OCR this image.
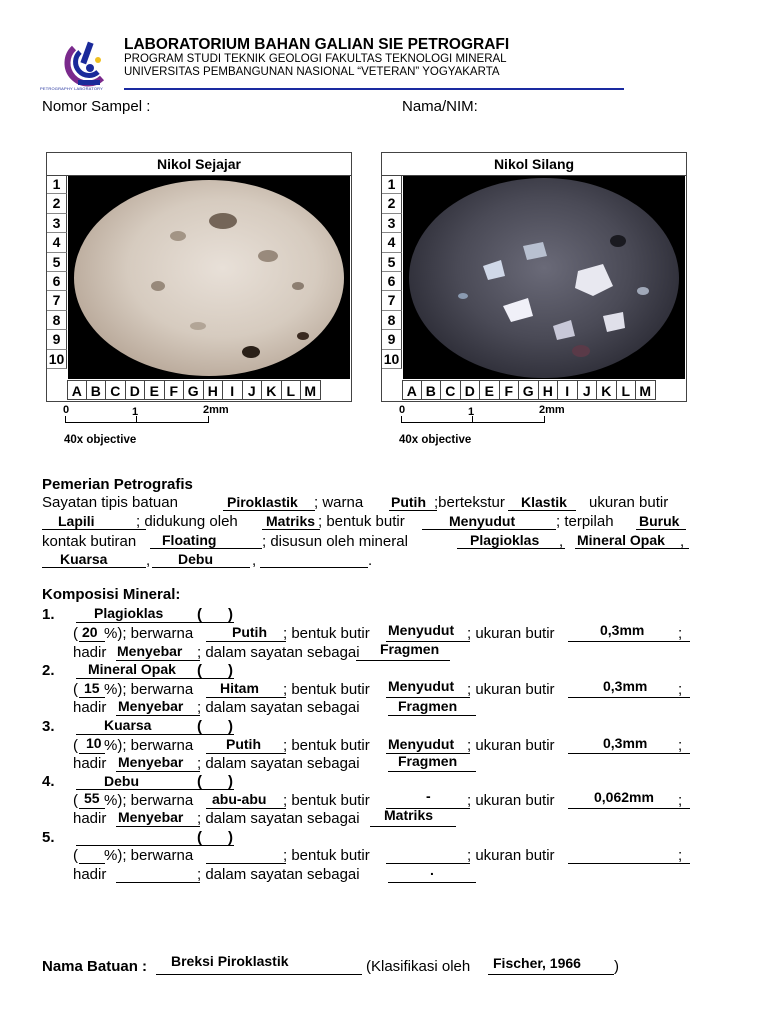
PETROGRAPHY LABORATORY
LABORATORIUM BAHAN GALIAN SIE PETROGRAFI
PROGRAM STUDI TEKNIK GEOLOGI FAKULTAS TEKNOLOGI MINERAL
UNIVERSITAS PEMBANGUNAN NASIONAL “VETERAN” YOGYAKARTA
Nomor Sampel :	Nama/NIM:
Nikol Sejajar
1
2
3
4
5
6
7
8
9
10
A B C D E F G H I J K L M
0	1	2mm
40x objective
Nikol Silang
1
2
3
4
5
6
7
8
9
10
A B C D E F G H I J K L M
0	1	2mm
40x objective
Pemerian Petrografis
Sayatan tipis batuan	Piroklastik ; warna Putih ;bertekstur Klastik ukuran butir
Lapili	; didukung oleh Matriks ; bentuk butir	Menyudut	; terpilah Buruk
kontak butiran Floating	; disusun oleh mineral	Plagioklas , Mineral Opak ,
Kuarsa	, Debu	,	.
Komposisi Mineral:
1.	Plagioklas ( )
( 20 %); berwarna	Putih ; bentuk butir Menyudut ; ukuran butir	0,3mm ;
hadir Menyebar ; dalam sayatan sebagai Fragmen
2. Mineral Opak ( )
( 15 %); berwarna Hitam ; bentuk butir Menyudut ; ukuran butir	0,3mm ;
hadir Menyebar ; dalam sayatan sebagai	Fragmen
3.	Kuarsa	( )
( 10 %); berwarna Putih ; bentuk butir Menyudut ; ukuran butir	0,3mm ;
hadir Menyebar ; dalam sayatan sebagai	Fragmen
4.	Debu	( )
( 55 %); berwarna abu-abu ; bentuk butir	- ; ukuran butir	0,062mm ;
hadir Menyebar ; dalam sayatan sebagai Matriks
5.	( )
( %); berwarna	; bentuk butir	; ukuran butir	;
hadir	; dalam sayatan sebagai	.
Nama Batuan : Breksi Piroklastik	(Klasifikasi oleh Fischer, 1966 )
